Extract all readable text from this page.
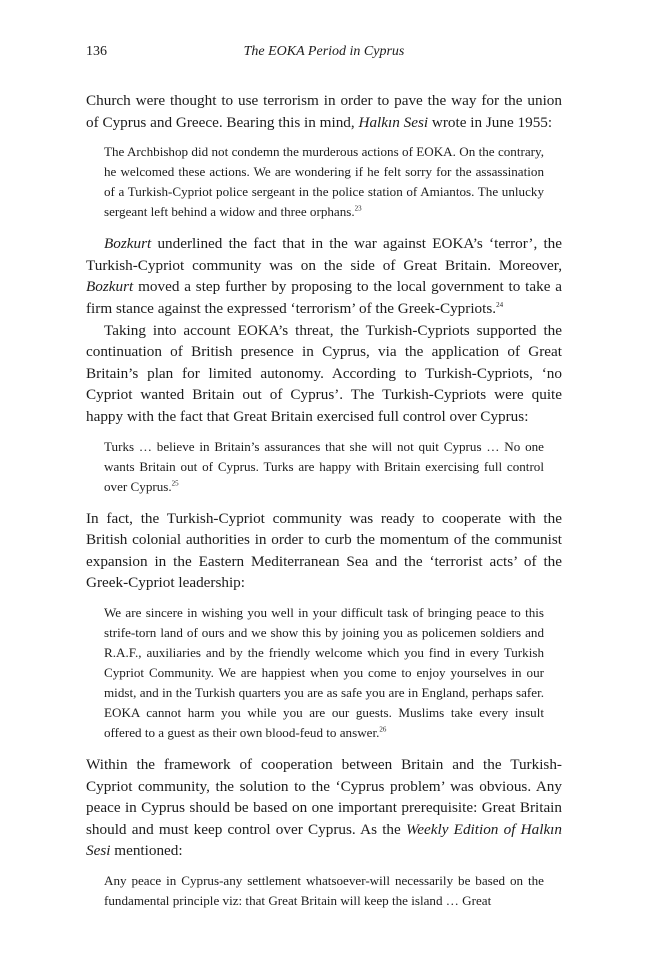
136	The EOKA Period in Cyprus

Church were thought to use terrorism in order to pave the way for the union of Cyprus and Greece. Bearing this in mind, Halkın Sesi wrote in June 1955:

The Archbishop did not condemn the murderous actions of EOKA. On the contrary, he welcomed these actions. We are wondering if he felt sorry for the assassination of a Turkish-Cypriot police sergeant in the police station of Amiantos. The unlucky sergeant left behind a widow and three orphans.$^{23}$

Bozkurt underlined the fact that in the war against EOKA’s ‘terror’, the Turkish-Cypriot community was on the side of Great Britain. Moreover, Bozkurt moved a step further by proposing to the local government to take a firm stance against the expressed ‘terrorism’ of the Greek-Cypriots.$^{24}$

Taking into account EOKA’s threat, the Turkish-Cypriots supported the continuation of British presence in Cyprus, via the application of Great Britain’s plan for limited autonomy. According to Turkish-Cypriots, ‘no Cypriot wanted Britain out of Cyprus’. The Turkish-Cypriots were quite happy with the fact that Great Britain exercised full control over Cyprus:

Turks … believe in Britain’s assurances that she will not quit Cyprus … No one wants Britain out of Cyprus. Turks are happy with Britain exercising full control over Cyprus.$^{25}$

In fact, the Turkish-Cypriot community was ready to cooperate with the British colonial authorities in order to curb the momentum of the communist expansion in the Eastern Mediterranean Sea and the ‘terrorist acts’ of the Greek-Cypriot leadership:

We are sincere in wishing you well in your difficult task of bringing peace to this strife-torn land of ours and we show this by joining you as policemen soldiers and R.A.F., auxiliaries and by the friendly welcome which you find in every Turkish Cypriot Community. We are happiest when you come to enjoy yourselves in our midst, and in the Turkish quarters you are as safe you are in England, perhaps safer. EOKA cannot harm you while you are our guests. Muslims take every insult offered to a guest as their own blood-feud to answer.$^{26}$

Within the framework of cooperation between Britain and the Turkish-Cypriot community, the solution to the ‘Cyprus problem’ was obvious. Any peace in Cyprus should be based on one important prerequisite: Great Britain should and must keep control over Cyprus. As the Weekly Edition of Halkın Sesi mentioned:

Any peace in Cyprus-any settlement whatsoever-will necessarily be based on the fundamental principle viz: that Great Britain will keep the island … Great
